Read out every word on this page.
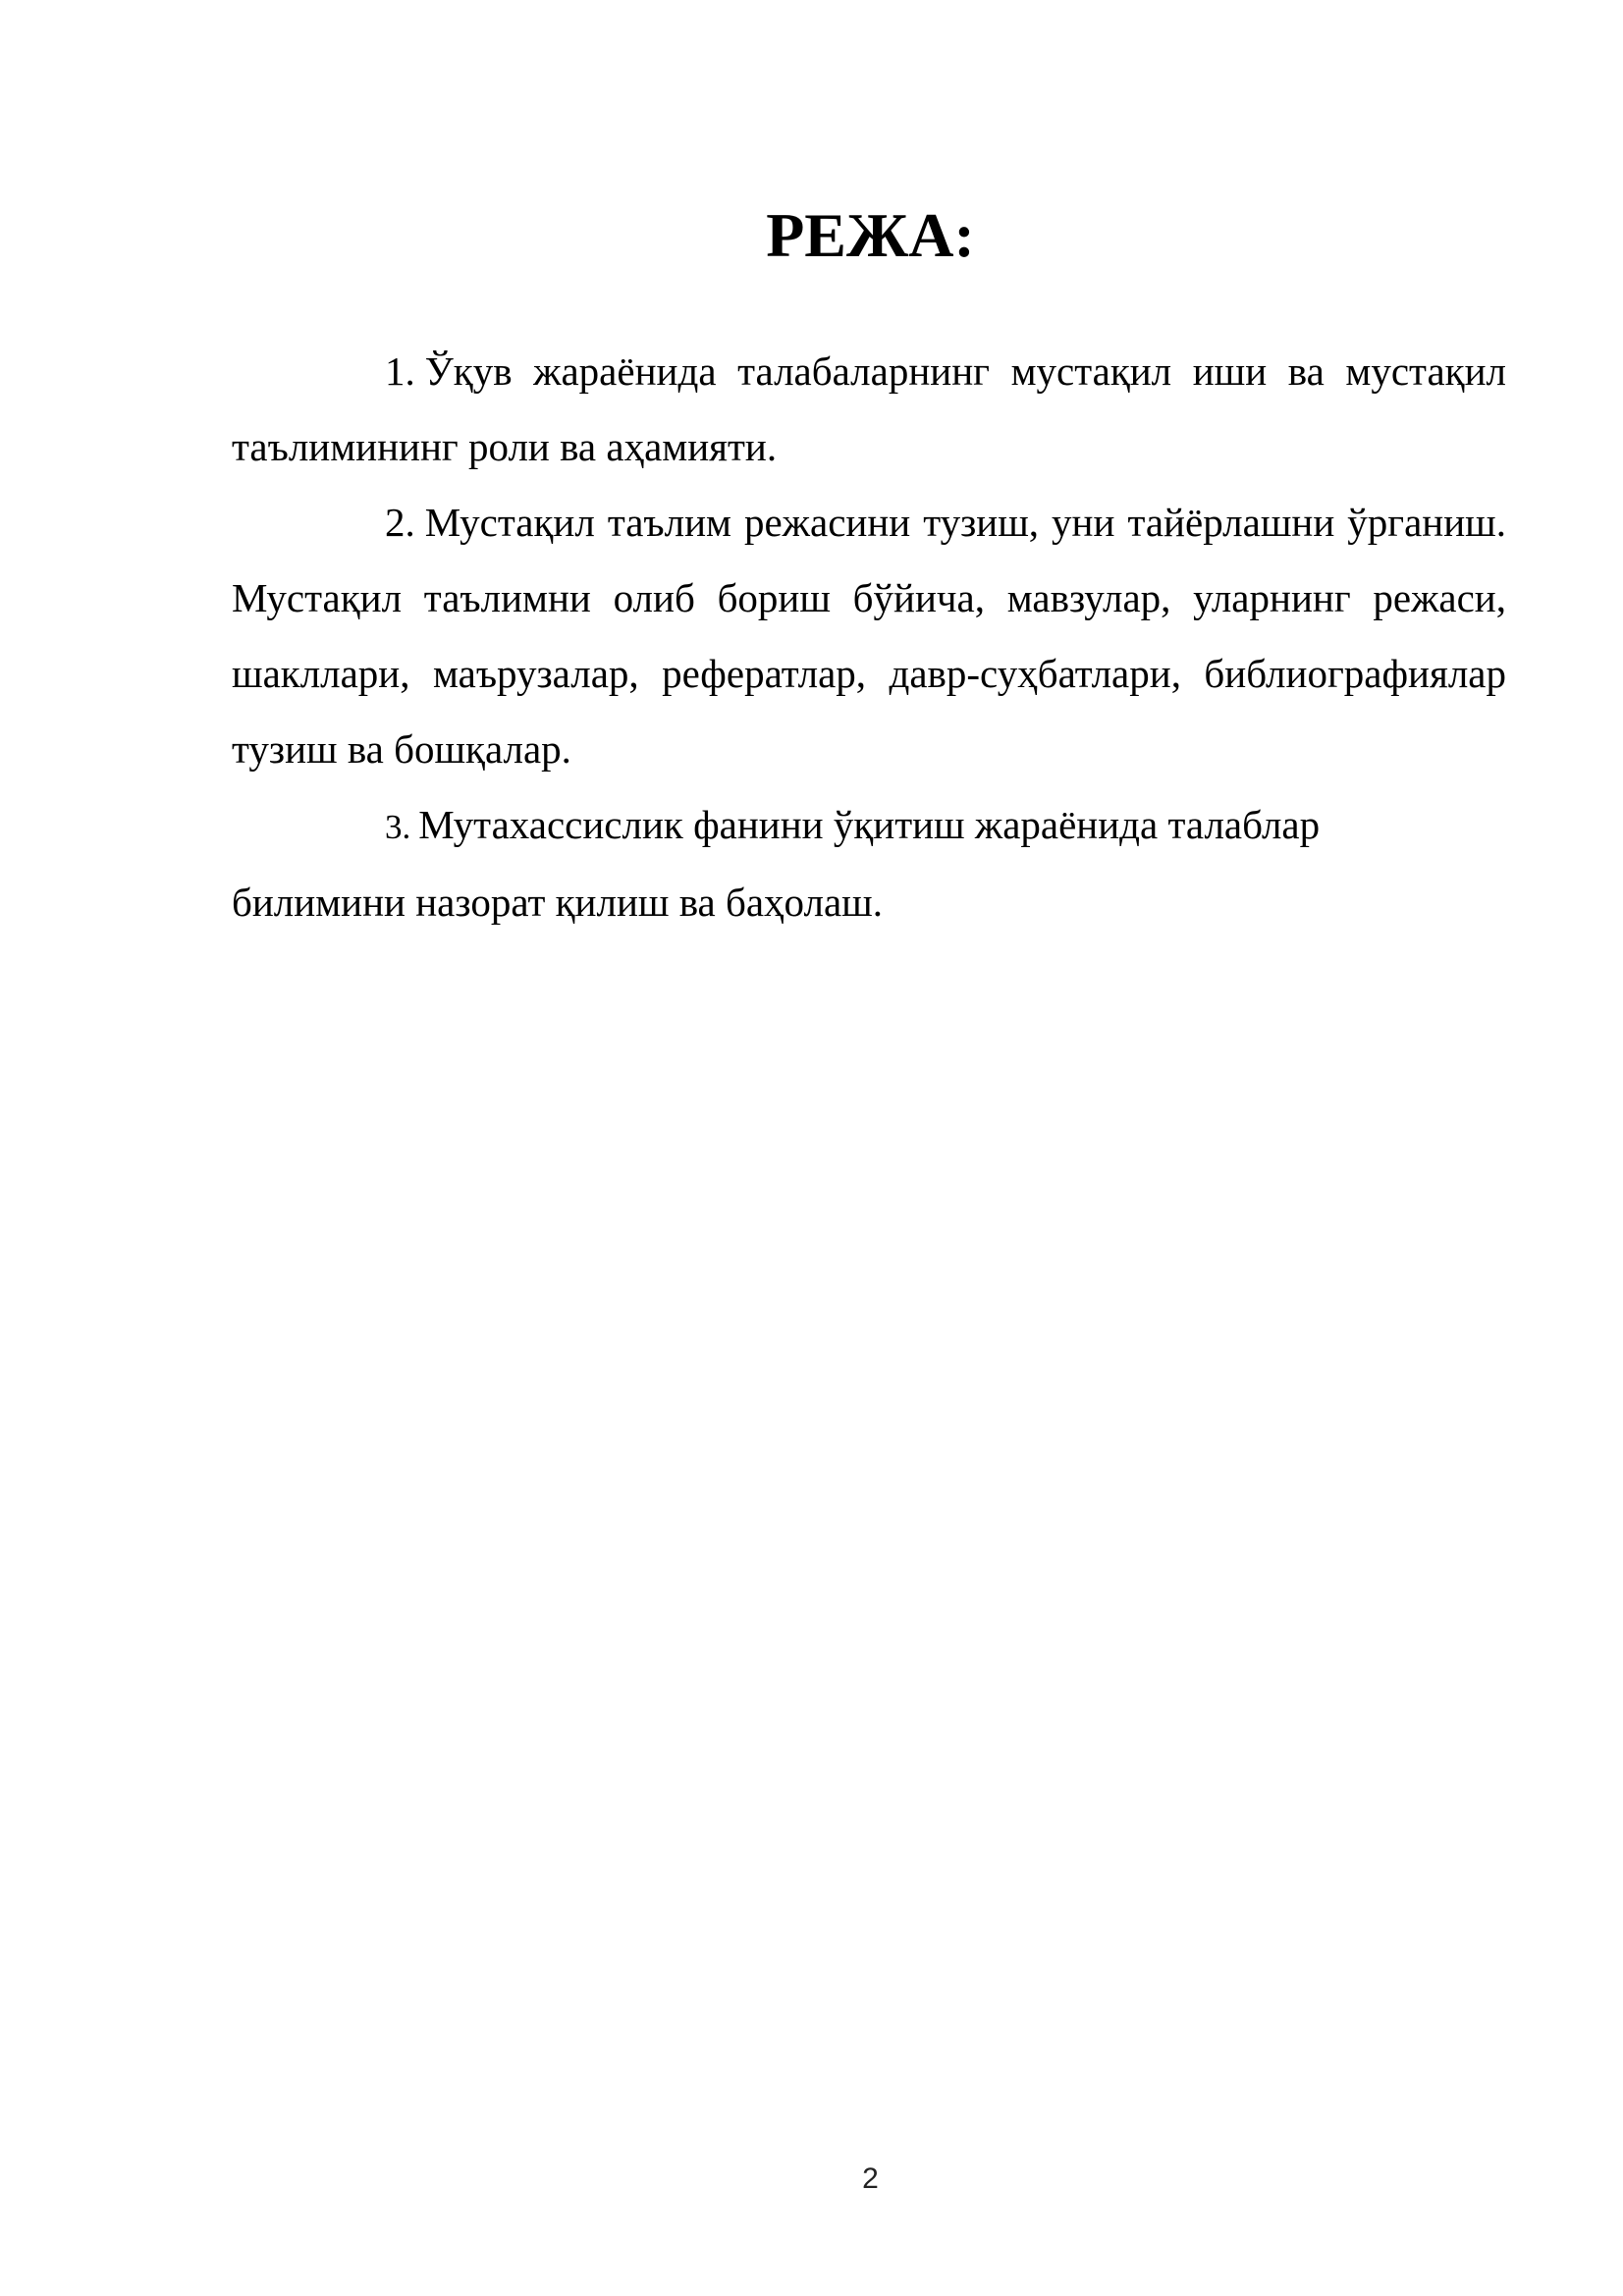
РЕЖА:

1. Ўқув жараёнида талабаларнинг мустақил иши ва мустақил таълимининг роли ва аҳамияти.

2. Мустақил таълим режасини тузиш, уни тайёрлашни ўрганиш. Мустақил таълимни олиб бориш бўйича, мавзулар, уларнинг режаси, шакллари, маърузалар, рефератлар, давр-суҳбатлари, библиографиялар тузиш ва бошқалар.

3. Мутахассислик фанини ўқитиш жараёнида талаблар

билимини назорат қилиш ва баҳолаш.

2
